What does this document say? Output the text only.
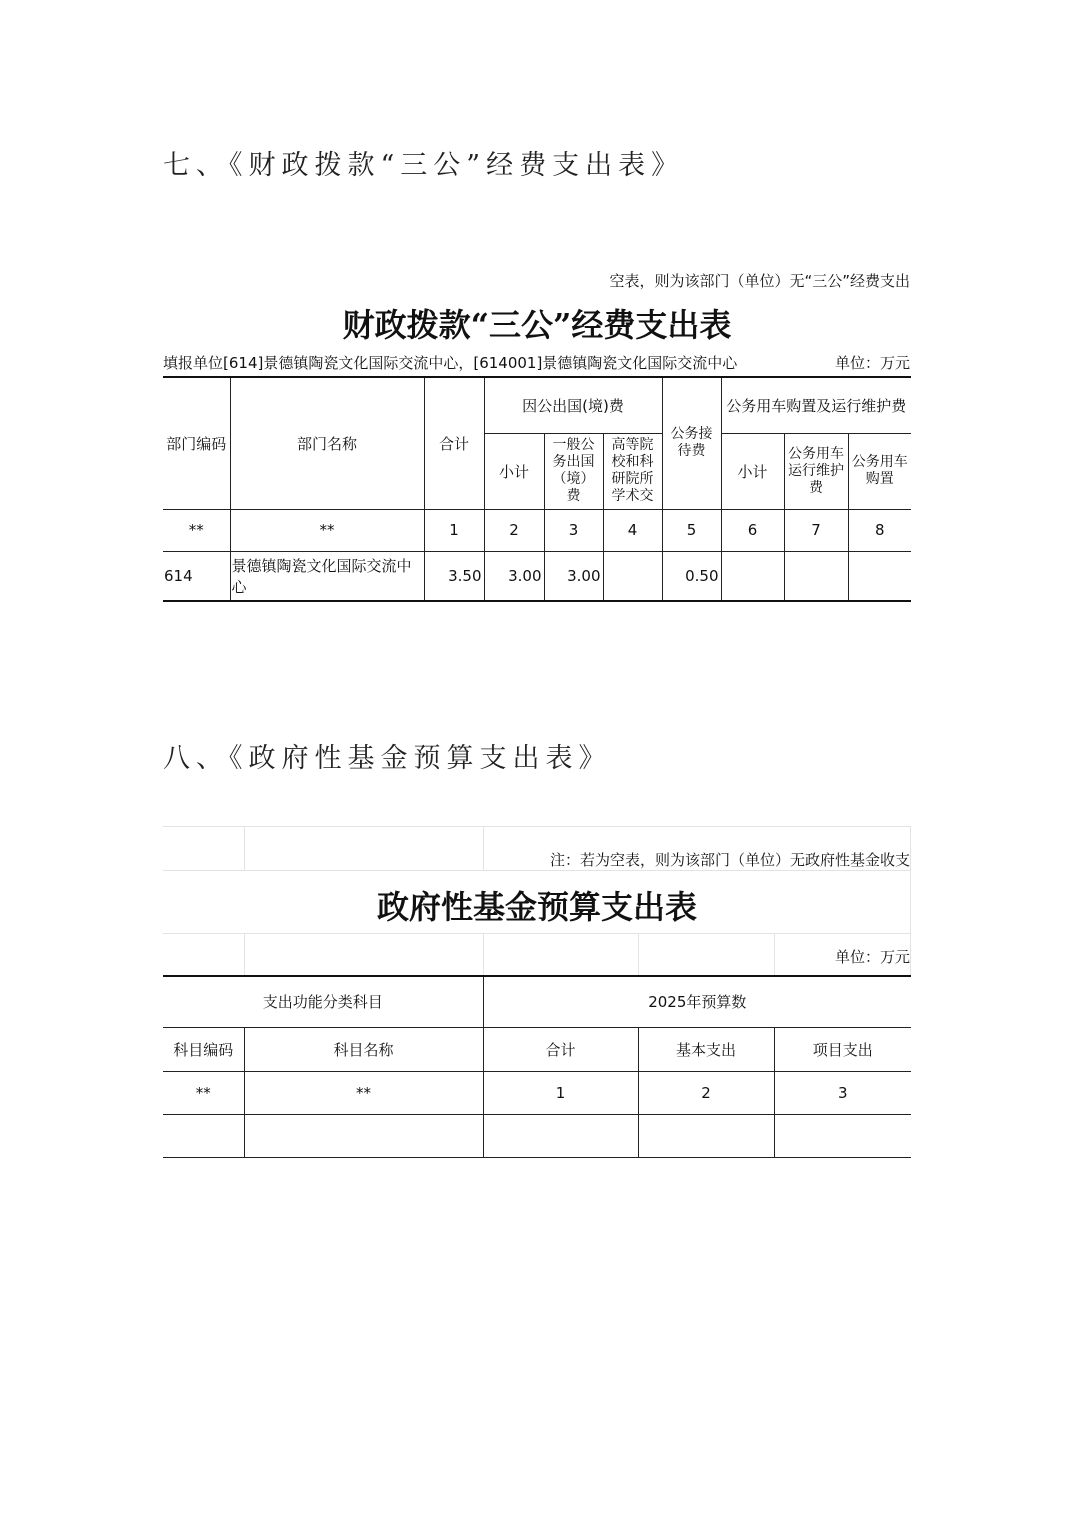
七、《财政拨款“三公”经费支出表》
空表，则为该部门（单位）无“三公”经费支出
财政拨款“三公”经费支出表
填报单位[614]景德镇陶瓷文化国际交流中心，[614001]景德镇陶瓷文化国际交流中心	单位：万元
部门编码	部门名称	合计	因公出国(境)费			公务接待费	公务用车购置及运行维护费		
			小计	一般公务出国（境）费	高等院校和科研院所学术交		小计	公务用车运行维护费	公务用车购置
**	**	1	2	3	4	5	6	7	8
614	景德镇陶瓷文化国际交流中心	3.50	3.00	3.00		0.50			
八、《政府性基金预算支出表》
注：若为空表，则为该部门（单位）无政府性基金收支
政府性基金预算支出表
单位：万元
支出功能分类科目		2025年预算数		
科目编码	科目名称	合计	基本支出	项目支出
**	**	1	2	3
